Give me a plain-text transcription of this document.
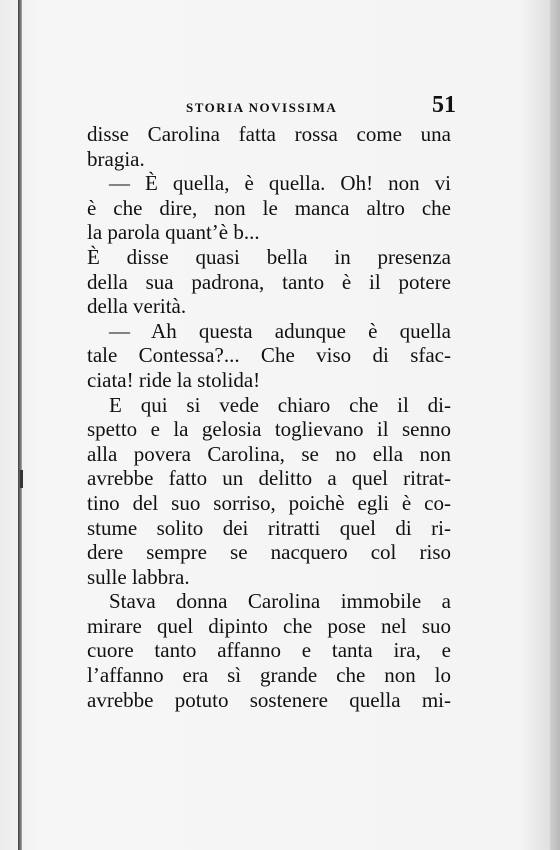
STORIA NOVISSIMA	51
disse Carolina fatta rossa come una
bragia.
— È quella, è quella. Oh! non vi
è che dire, non le manca altro che
la parola quant’è b...
È disse quasi bella in presenza
della sua padrona, tanto è il potere
della verità.
— Ah questa adunque è quella
tale Contessa?... Che viso di sfac-
ciata! ride la stolida!
E qui si vede chiaro che il di-
spetto e la gelosia toglievano il senno
alla povera Carolina, se no ella non
avrebbe fatto un delitto a quel ritrat-
tino del suo sorriso, poichè egli è co-
stume solito dei ritratti quel di ri-
dere sempre se nacquero col riso
sulle labbra.
Stava donna Carolina immobile a
mirare quel dipinto che pose nel suo
cuore tanto affanno e tanta ira, e
l’affanno era sì grande che non lo
avrebbe potuto sostenere quella mi-
